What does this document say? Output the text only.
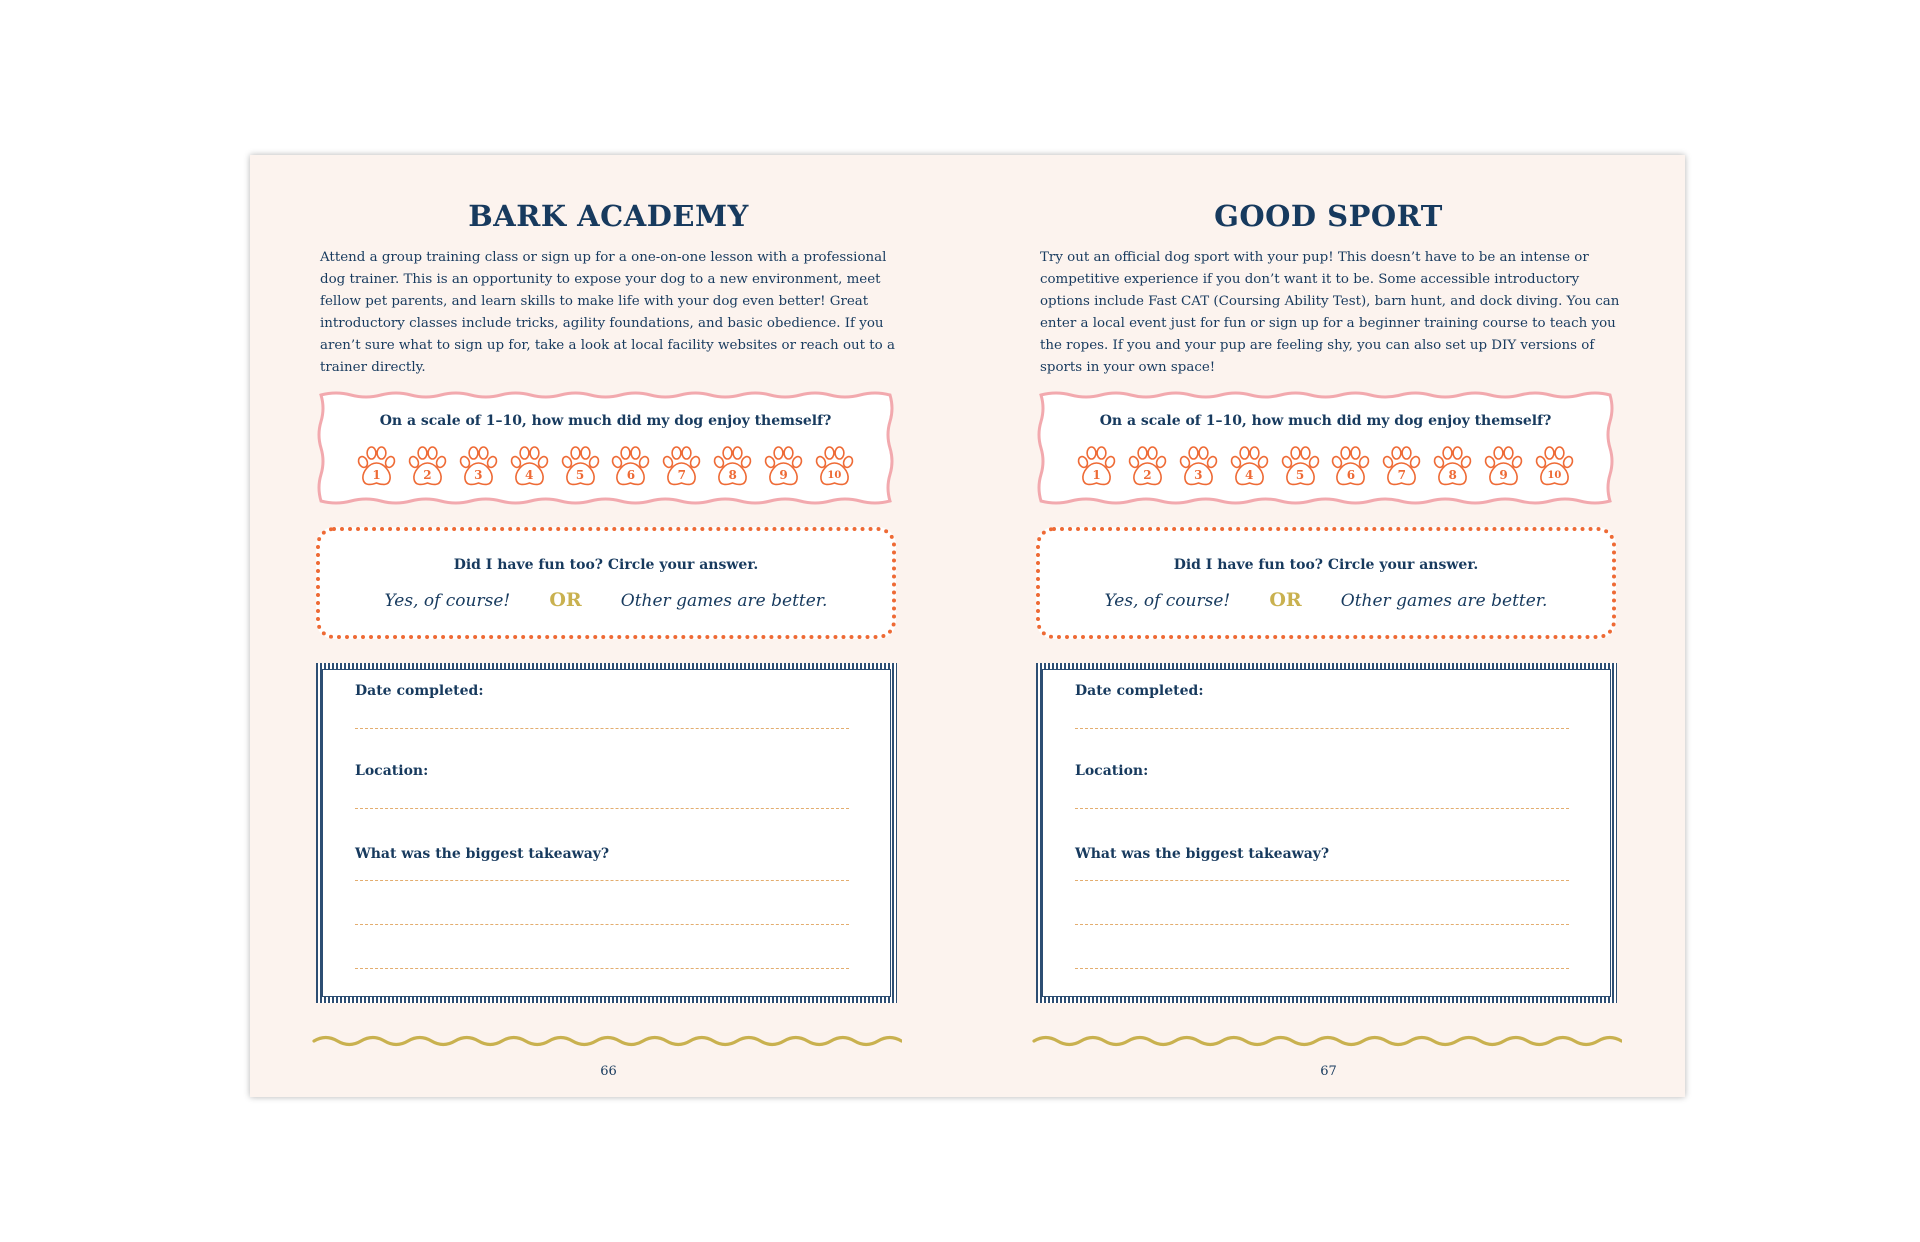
BARK ACADEMY

Attend a group training class or sign up for a one-on-one lesson with a professional dog trainer. This is an opportunity to expose your dog to a new environment, meet fellow pet parents, and learn skills to make life with your dog even better! Great introductory classes include tricks, agility foundations, and basic obedience. If you aren’t sure what to sign up for, take a look at local facility websites or reach out to a trainer directly.

On a scale of 1–10, how much did my dog enjoy themself?
1	2	3	4	5	6	7	8	9	10
Did I have fun too? Circle your answer.
Yes, of course! OR Other games are better.
Date completed:
Location:
What was the biggest takeaway?
66
GOOD SPORT

Try out an official dog sport with your pup! This doesn’t have to be an intense or competitive experience if you don’t want it to be. Some accessible introductory options include Fast CAT (Coursing Ability Test), barn hunt, and dock diving. You can enter a local event just for fun or sign up for a beginner training course to teach you the ropes. If you and your pup are feeling shy, you can also set up DIY versions of sports in your own space!

On a scale of 1–10, how much did my dog enjoy themself?
1	2	3	4	5	6	7	8	9	10
Did I have fun too? Circle your answer.
Yes, of course! OR Other games are better.
Date completed:
Location:
What was the biggest takeaway?
67
